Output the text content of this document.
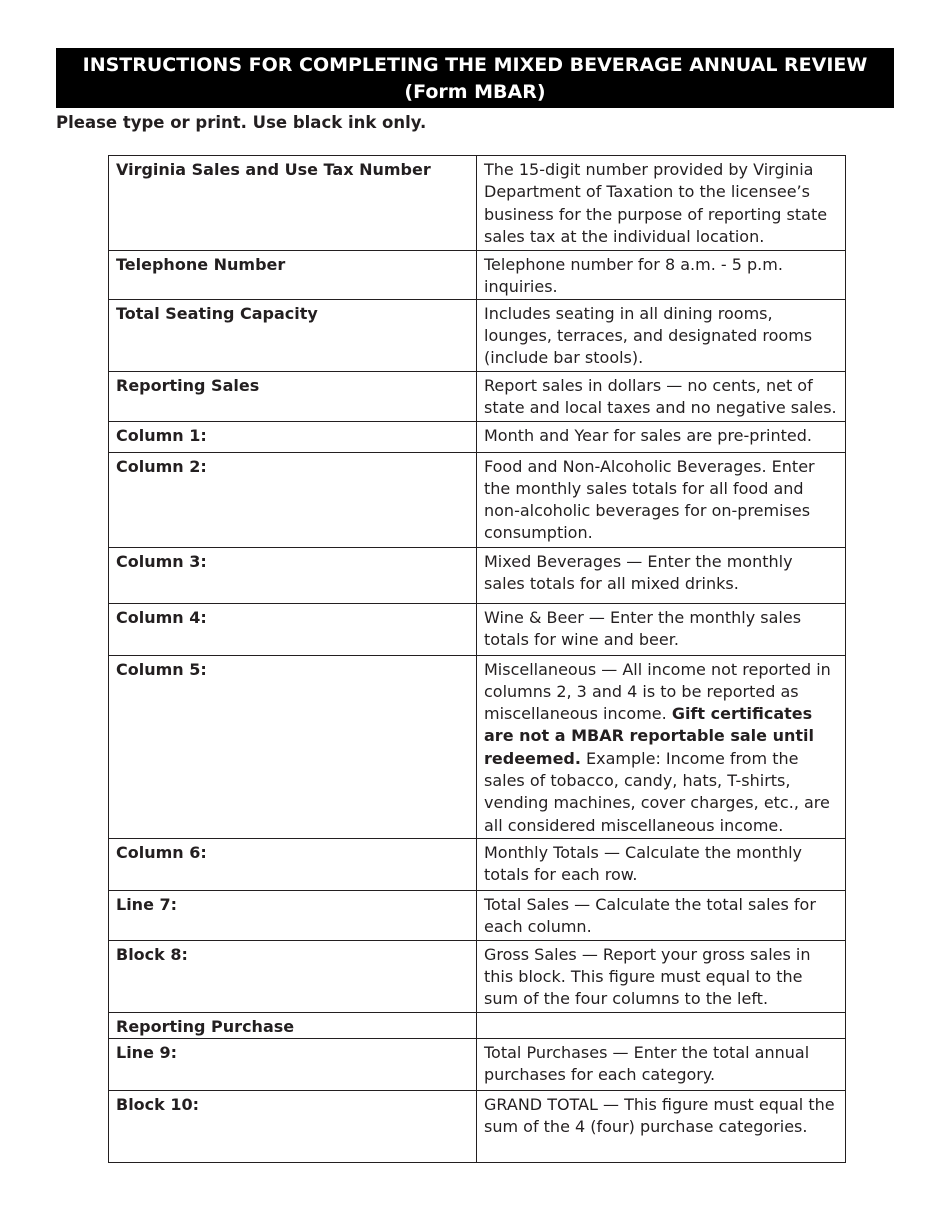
INSTRUCTIONS FOR COMPLETING THE MIXED BEVERAGE ANNUAL REVIEW
(Form MBAR)
Please type or print. Use black ink only.
Virginia Sales and Use Tax Number	The 15-digit number provided by Virginia Department of Taxation to the licensee’s business for the purpose of reporting state sales tax at the individual location.
Telephone Number	Telephone number for 8 a.m. - 5 p.m. inquiries.
Total Seating Capacity	Includes seating in all dining rooms, lounges, terraces, and designated rooms (include bar stools).
Reporting Sales	Report sales in dollars — no cents, net of state and local taxes and no negative sales.
Column 1:	Month and Year for sales are pre-printed.
Column 2:	Food and Non-Alcoholic Beverages. Enter the monthly sales totals for all food and non-alcoholic beverages for on-premises consumption.
Column 3:	Mixed Beverages — Enter the monthly sales totals for all mixed drinks.
Column 4:	Wine & Beer — Enter the monthly sales totals for wine and beer.
Column 5:	Miscellaneous — All income not reported in columns 2, 3 and 4 is to be reported as miscellaneous income. Gift certificates are not a MBAR reportable sale until redeemed. Example: Income from the sales of tobacco, candy, hats, T-shirts, vending machines, cover charges, etc., are all considered miscellaneous income.
Column 6:	Monthly Totals — Calculate the monthly totals for each row.
Line 7:	Total Sales — Calculate the total sales for each column.
Block 8:	Gross Sales — Report your gross sales in this block. This figure must equal to the sum of the four columns to the left.
Reporting Purchase	
Line 9:	Total Purchases — Enter the total annual purchases for each category.
Block 10:	GRAND TOTAL — This figure must equal the sum of the 4 (four) purchase categories.
